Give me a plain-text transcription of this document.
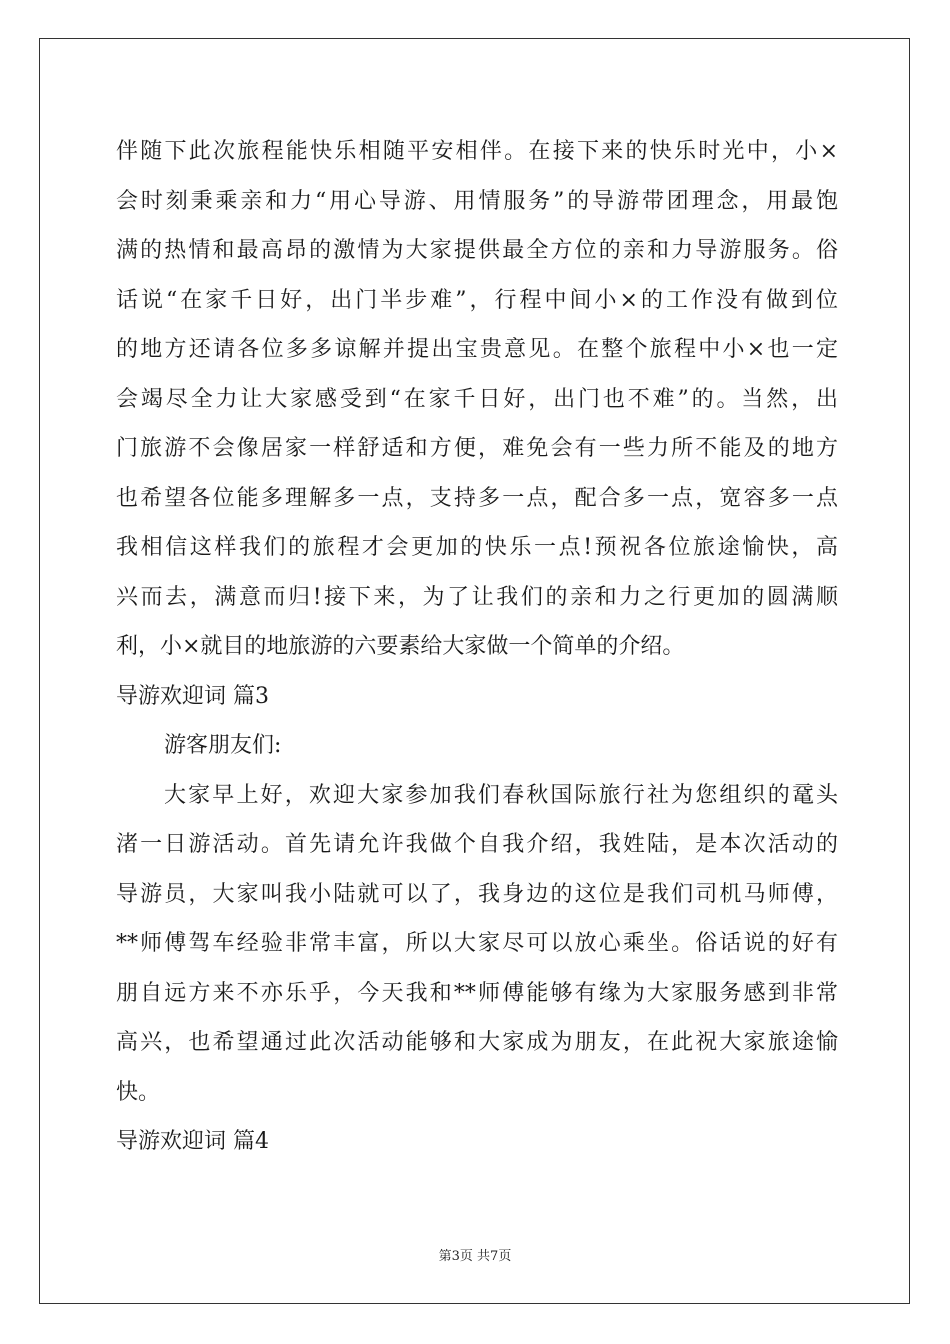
伴随下此次旅程能快乐相随平安相伴。在接下来的快乐时光中，小×
会时刻秉乘亲和力“用心导游、用情服务”的导游带团理念，用最饱
满的热情和最高昂的激情为大家提供最全方位的亲和力导游服务。俗
话说“在家千日好，出门半步难”，行程中间小×的工作没有做到位
的地方还请各位多多谅解并提出宝贵意见。在整个旅程中小×也一定
会竭尽全力让大家感受到“在家千日好，出门也不难”的。当然，出
门旅游不会像居家一样舒适和方便，难免会有一些力所不能及的地方
也希望各位能多理解多一点，支持多一点，配合多一点，宽容多一点
我相信这样我们的旅程才会更加的快乐一点!预祝各位旅途愉快，高
兴而去，满意而归!接下来，为了让我们的亲和力之行更加的圆满顺
利，小×就目的地旅游的六要素给大家做一个简单的介绍。
导游欢迎词 篇3
游客朋友们:
大家早上好，欢迎大家参加我们春秋国际旅行社为您组织的鼋头
渚一日游活动。首先请允许我做个自我介绍，我姓陆，是本次活动的
导游员，大家叫我小陆就可以了，我身边的这位是我们司机马师傅，
**师傅驾车经验非常丰富，所以大家尽可以放心乘坐。俗话说的好有
朋自远方来不亦乐乎，今天我和**师傅能够有缘为大家服务感到非常
高兴，也希望通过此次活动能够和大家成为朋友，在此祝大家旅途愉
快。
导游欢迎词 篇4
第3页 共7页
